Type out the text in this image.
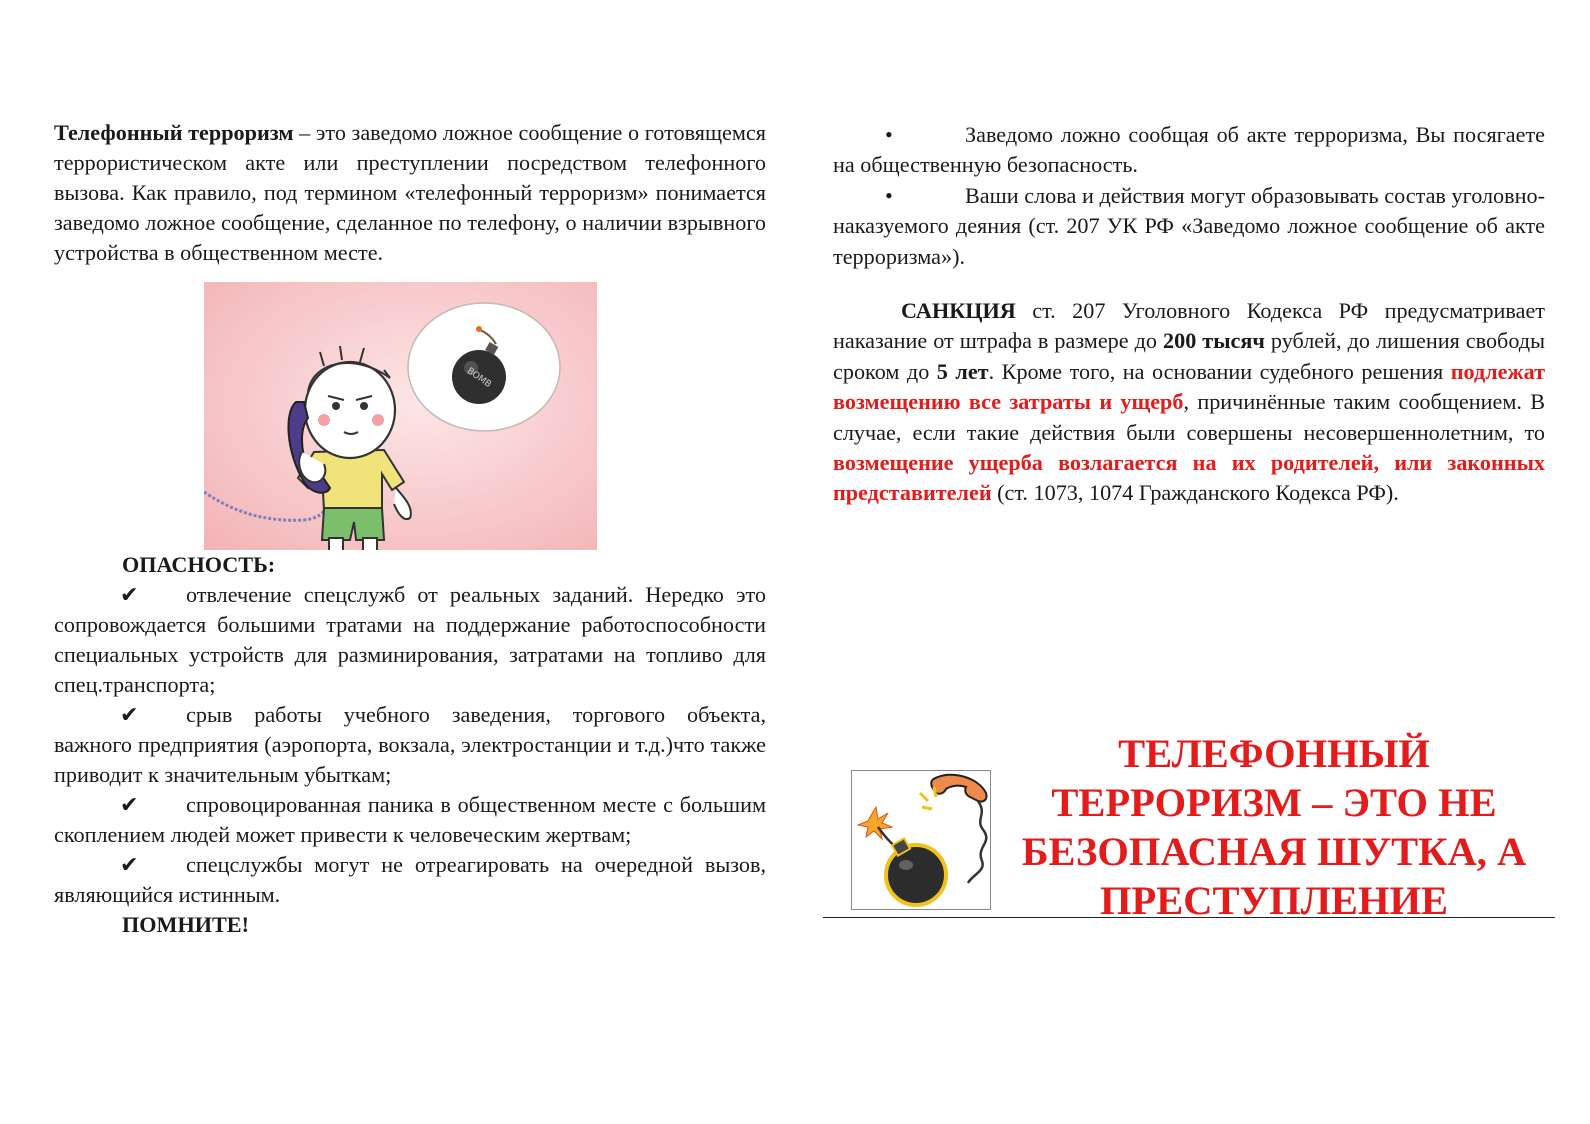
Телефонный терроризм – это заведомо ложное сообщение о готовящемся террористическом акте или преступлении посредством телефонного вызова. Как правило, под термином «телефонный терроризм» понимается заведомо ложное сообщение, сделанное по телефону, о наличии взрывного устройства в общественном месте.

BOMB

ОПАСНОСТЬ:

✔ отвлечение спецслужб от реальных заданий. Нередко это сопровождается большими тратами на поддержание работоспособности специальных устройств для разминирования, затратами на топливо для спец.транспорта;

✔ срыв работы учебного заведения, торгового объекта, важного предприятия (аэропорта, вокзала, электростанции и т.д.)что также приводит к значительным убыткам;

✔ спровоцированная паника в общественном месте с большим скоплением людей может привести к человеческим жертвам;

✔ спецслужбы могут не отреагировать на очередной вызов, являющийся истинным.

ПОМНИТЕ!

•	Заведомо ложно сообщая об акте терроризма, Вы посягаете на общественную безопасность.

•	Ваши слова и действия могут образовывать состав уголовно-наказуемого деяния (ст. 207 УК РФ «Заведомо ложное сообщение об акте терроризма»).

САНКЦИЯ ст. 207 Уголовного Кодекса РФ предусматривает наказание от штрафа в размере до 200 тысяч рублей, до лишения свободы сроком до 5 лет. Кроме того, на основании судебного решения подлежат возмещению все затраты и ущерб, причинённые таким сообщением. В случае, если такие действия были совершены несовершеннолетним, то возмещение ущерба возлагается на их родителей, или законных представителей (ст. 1073, 1074 Гражданского Кодекса РФ).

ТЕЛЕФОННЫЙ ТЕРРОРИЗМ – ЭТО НЕ БЕЗОПАСНАЯ ШУТКА, А ПРЕСТУПЛЕНИЕ
